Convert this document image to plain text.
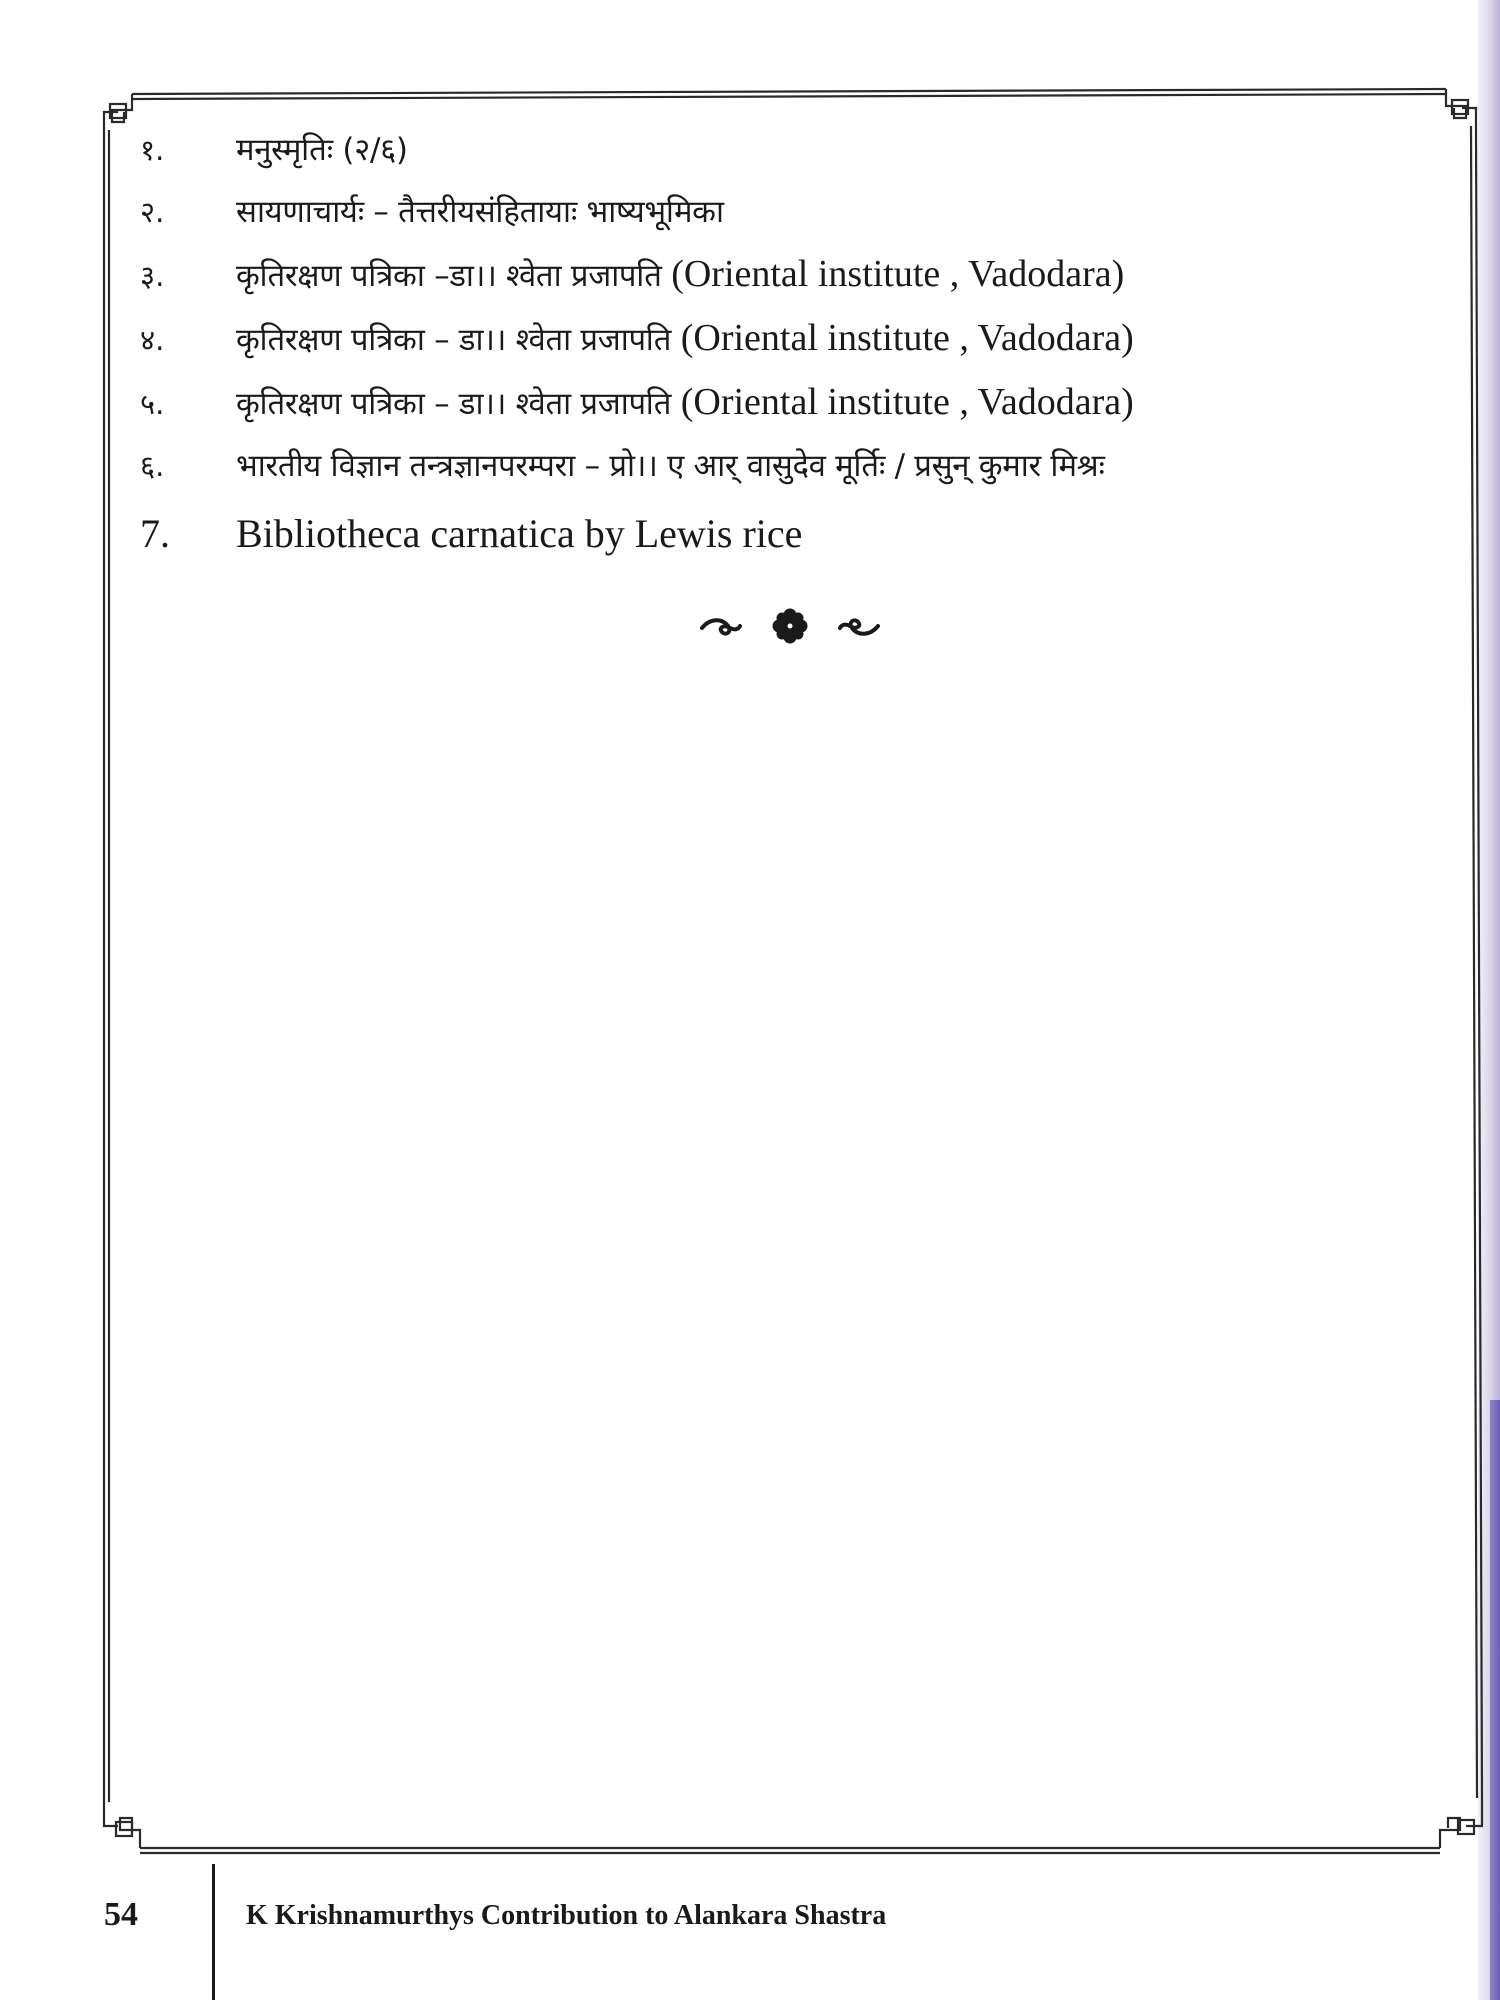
१.	मनुस्मृतिः (२/६)
२.	सायणाचार्यः – तैत्तरीयसंहितायाः भाष्यभूमिका
३.	कृतिरक्षण पत्रिका –डा।। श्वेता प्रजापति (Oriental institute , Vadodara)
४.	कृतिरक्षण पत्रिका – डा।। श्वेता प्रजापति (Oriental institute , Vadodara)
५.	कृतिरक्षण पत्रिका – डा।। श्वेता प्रजापति (Oriental institute , Vadodara)
६.	भारतीय विज्ञान तन्त्रज्ञानपरम्परा – प्रो।। ए आर् वासुदेव मूर्तिः / प्रसुन् कुमार मिश्रः
7.	Bibliotheca carnatica by Lewis rice
54	K Krishnamurthys Contribution to Alankara Shastra
